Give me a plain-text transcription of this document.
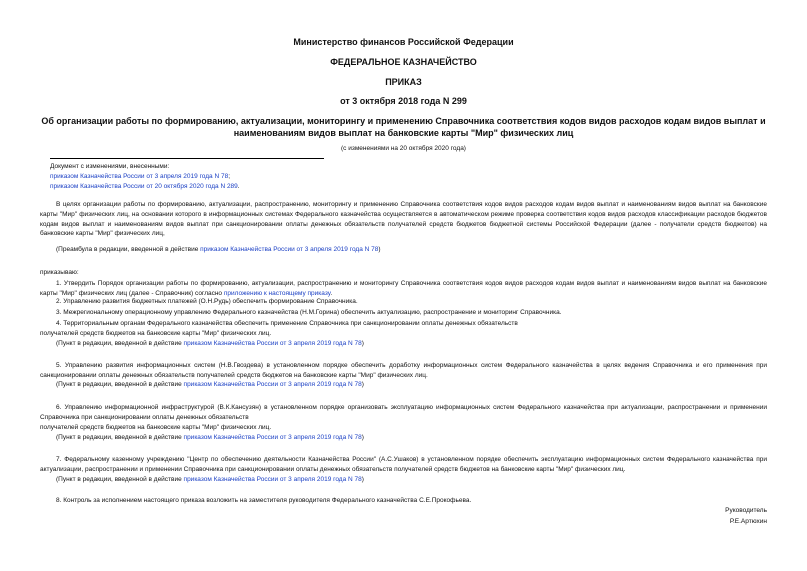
Министерство финансов Российской Федерации
ФЕДЕРАЛЬНОЕ КАЗНАЧЕЙСТВО
ПРИКАЗ
от 3 октября 2018 года N 299
Об организации работы по формированию, актуализации, мониторингу и применению Справочника соответствия кодов видов расходов кодам видов выплат и наименованиям видов выплат на банковские карты "Мир" физических лиц
(с изменениями на 20 октября 2020 года)
Документ с изменениями, внесенными:
приказом Казначейства России от 3 апреля 2019 года N 78;
приказом Казначейства России от 20 октября 2020 года N 289.
В целях организации работы по формированию, актуализации, распространению, мониторингу и применению Справочника соответствия кодов видов расходов кодам видов выплат и наименованиям видов выплат на банковские карты "Мир" физических лиц, на основании которого в информационных системах Федерального казначейства осуществляется в автоматическом режиме проверка соответствия кодов видов расходов классификации расходов бюджетов кодам видов выплат и наименованиям видов выплат при санкционировании оплаты денежных обязательств получателей средств бюджетов бюджетной системы Российской Федерации (далее - получатели средств бюджетов) на банковские карты "Мир" физических лиц,
(Преамбула в редакции, введенной в действие приказом Казначейства России от 3 апреля 2019 года N 78)
приказываю:
1. Утвердить Порядок организации работы по формированию, актуализации, распространению и мониторингу Справочника соответствия кодов видов расходов кодам видов выплат и наименованиям видов выплат на банковские карты "Мир" физических лиц (далее - Справочник) согласно приложению к настоящему приказу.
2. Управлению развития бюджетных платежей (О.Н.Рудь) обеспечить формирование Справочника.
3. Межрегиональному операционному управлению Федерального казначейства (Н.М.Горина) обеспечить актуализацию, распространение и мониторинг Справочника.
4. Территориальным органам Федерального казначейства обеспечить применение Справочника при санкционировании оплаты денежных обязательств
получателей средств бюджетов на банковские карты "Мир" физических лиц.
(Пункт в редакции, введенной в действие приказом Казначейства России от 3 апреля 2019 года N 78)
5. Управлению развития информационных систем (Н.В.Гвоздева) в установленном порядке обеспечить доработку информационных систем Федерального казначейства в целях ведения Справочника и его применения при санкционировании оплаты денежных обязательств получателей средств бюджетов на банковские карты "Мир" физических лиц.
(Пункт в редакции, введенной в действие приказом Казначейства России от 3 апреля 2019 года N 78)
6. Управлению информационной инфраструктурой (В.К.Кансузян) в установленном порядке организовать эксплуатацию информационных систем Федерального казначейства при актуализации, распространении и применении Справочника при санкционировании оплаты денежных обязательств
получателей средств бюджетов на банковские карты "Мир" физических лиц.
(Пункт в редакции, введенной в действие приказом Казначейства России от 3 апреля 2019 года N 78)
7. Федеральному казенному учреждению "Центр по обеспечению деятельности Казначейства России" (А.С.Ушаков) в установленном порядке обеспечить эксплуатацию информационных систем Федерального казначейства при актуализации, распространении и применении Справочника при санкционировании оплаты денежных обязательств получателей средств бюджетов на банковские карты "Мир" физических лиц.
(Пункт в редакции, введенной в действие приказом Казначейства России от 3 апреля 2019 года N 78)
8. Контроль за исполнением настоящего приказа возложить на заместителя руководителя Федерального казначейства С.Е.Прокофьева.
Руководитель
Р.Е.Артюхин
